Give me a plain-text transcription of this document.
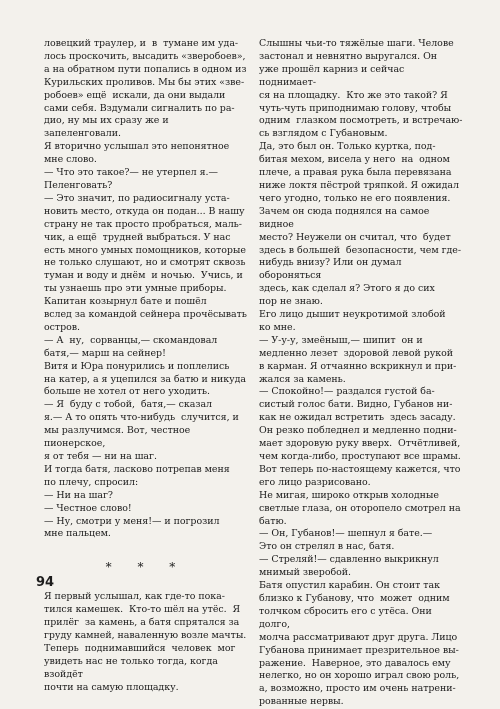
ловецкий траулер, и  в  тумане им уда-
лось проскочить, высадить «зверобоев»,
а на обратном пути попались в одном из
Курильских проливов. Мы бы этих «зве-
робоев» ещё  искали, да они выдали
сами себя. Вздумали сигналить по ра-
дио, ну мы их сразу же и запеленговали.

Я вторично услышал это непонятное
мне слово.

— Что это такое?— не утерпел я.—
Пеленговать?

— Это значит, по радиосигналу уста-
новить место, откуда он подан... В нашу
страну не так просто пробраться, маль-
чик, а ещё  трудней выбраться. У нас
есть много умных помощников, которые
не только слушают, но и смотрят сквозь
туман и воду и днём  и ночью.  Учись, и
ты узнаешь про эти умные приборы.

Капитан козырнул бате и пошёл
вслед за командой сейнера прочёсывать
остров.

— А  ну,  сорванцы,— скомандовал
батя,— марш на сейнер!

Витя и Юра понурились и поплелись
на катер, а я уцепился за батю и никуда
больше не хотел от него уходить.

— Я  буду с тобой,  батя,— сказал
я.— А то опять что-нибудь  случится, и
мы разлучимся. Вот, честное пионерское,
я от тебя — ни на шаг.

И тогда батя, ласково потрепав меня
по плечу, спросил:

— Ни на шаг?

— Честное слово!

— Ну, смотри у меня!— и погрозил
мне пальцем.

* * *

Я первый услышал, как где-то пока-
тился камешек.  Кто-то шёл на утёс.  Я
прилёг  за камень, а батя спрятался за
груду камней, наваленную возле мачты.
Теперь  поднимавшийся  человек  мог
увидеть нас не только тогда, когда взойдёт
почти на самую площадку.

Слышны чьи-то тяжёлые шаги. Челове
застонал и невнятно выругался. Он
уже прошёл карниз и сейчас поднимает-
ся на площадку.  Кто же это такой? Я
чуть-чуть приподнимаю голову, чтобы
одним  глазком посмотреть, и встречаю-
сь взглядом с Губановым.

Да, это был он. Только куртка, под-
битая мехом, висела у него  на  одном
плече, а правая рука была перевязана
ниже локтя пёстрой тряпкой. Я ожидал
чего угодно, только не его появления.
Зачем он сюда поднялся на самое видное
место? Неужели он считал, что  будет
здесь в большей  безопасности, чем где-
нибудь внизу? Или он думал обороняться
здесь, как сделал я? Этого я до сих
пор не знаю.

Его лицо дышит неукротимой злобой
ко мне.

— У-у-у, змеёныш,— шипит  он и
медленно лезет  здоровой левой рукой
в карман. Я отчаянно вскрикнул и при-
жался за камень.

— Спокойно!— раздался густой ба-
систый голос бати. Видно, Губанов ни-
как не ожидал встретить  здесь засаду.
Он резко побледнел и медленно подни-
мает здоровую руку вверх.  Отчётливей,
чем когда-либо, проступают все шрамы.
Вот теперь по-настоящему кажется, что
его лицо разрисовано.

Не мигая, широко открыв холодные
светлые глаза, он оторопело смотрел на
батю.

— Он, Губанов!— шепнул я бате.—
Это он стрелял в нас, батя.

— Стреляй!— сдавленно выкрикнул
мнимый зверобой.

Батя опустил карабин. Он стоит так
близко к Губанову, что  может  одним
толчком сбросить его с утёса. Они долго,
молча рассматривают друг друга. Лицо
Губанова принимает презрительное вы-
ражение.  Наверное, это давалось ему
нелегко, но он хорошо играл свою роль,
а, возможно, просто им очень натрени-
рованные нервы.

94
